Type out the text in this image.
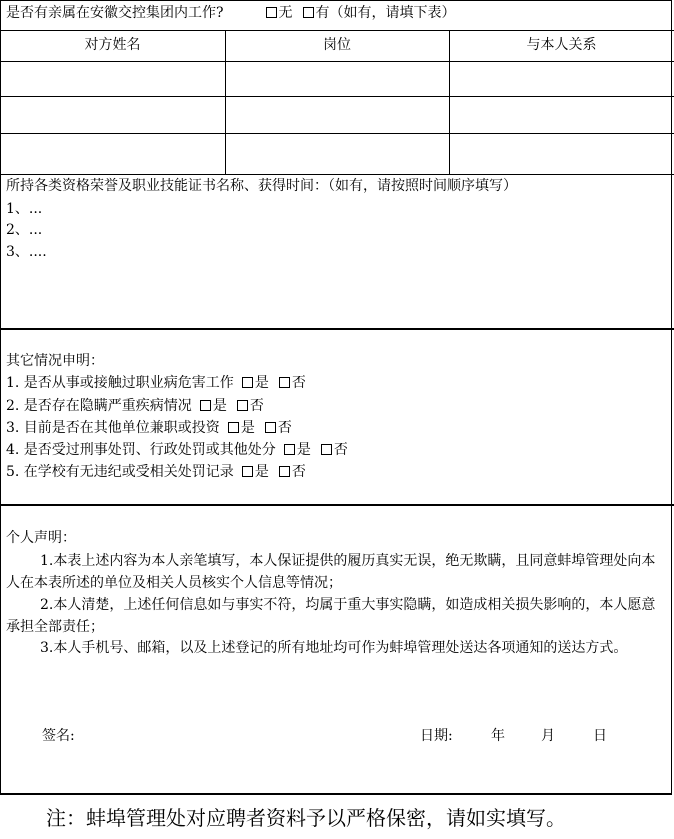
是否有亲属在安徽交控集团内工作?	无 有（如有，请填下表）
对方姓名	岗位	与本人关系
所持各类资格荣誉及职业技能证书名称、获得时间：（如有，请按照时间顺序填写）
1、...
2、...
3、....
其它情况申明：
1. 是否从事或接触过职业病危害工作 是 否
2. 是否存在隐瞒严重疾病情况 是 否
3. 目前是否在其他单位兼职或投资 是 否
4. 是否受过刑事处罚、行政处罚或其他处分 是 否
5. 在学校有无违纪或受相关处罚记录 是 否
个人声明：
1.本表上述内容为本人亲笔填写，本人保证提供的履历真实无误，绝无欺瞒，且同意蚌埠管理处向本人在本表所述的单位及相关人员核实个人信息等情况；
2.本人清楚，上述任何信息如与事实不符，均属于重大事实隐瞒，如造成相关损失影响的，本人愿意承担全部责任；
3.本人手机号、邮箱，以及上述登记的所有地址均可作为蚌埠管理处送达各项通知的送达方式。
签名:	日期:	年	月	日
注：蚌埠管理处对应聘者资料予以严格保密，请如实填写。
